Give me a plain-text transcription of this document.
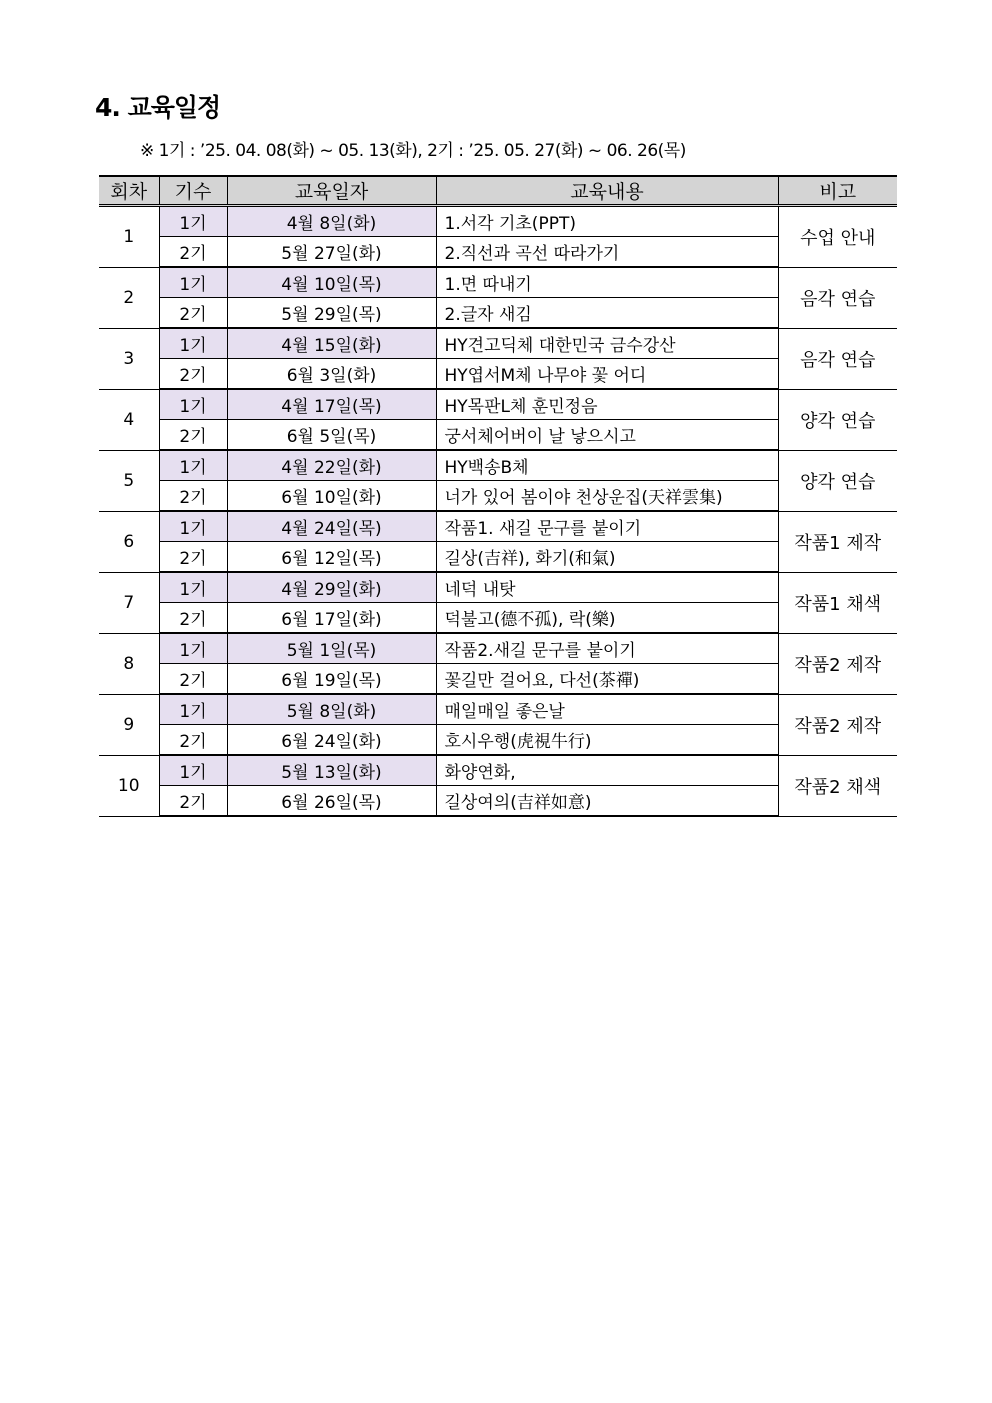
4. 교육일정
※ 1기 : ’25. 04. 08(화) ~ 05. 13(화), 2기 : ’25. 05. 27(화) ~ 06. 26(목)
회차	기수	교육일자	교육내용	비고
1	1기	4월 8일(화)	1.서각 기초(PPT)	수업 안내
	2기	5월 27일(화)	2.직선과 곡선 따라가기	
2	1기	4월 10일(목)	1.면 따내기	음각 연습
	2기	5월 29일(목)	2.글자 새김	
3	1기	4월 15일(화)	HY견고딕체 대한민국 금수강산	음각 연습
	2기	6월 3일(화)	HY엽서M체 나무야 꽃 어디	
4	1기	4월 17일(목)	HY목판L체 훈민정음	양각 연습
	2기	6월 5일(목)	궁서체어버이 날 낳으시고	
5	1기	4월 22일(화)	HY백송B체	양각 연습
	2기	6월 10일(화)	너가 있어 봄이야 천상운집(天祥雲集)	
6	1기	4월 24일(목)	작품1. 새길 문구를 붙이기	작품1 제작
	2기	6월 12일(목)	길상(吉祥), 화기(和氣)	
7	1기	4월 29일(화)	네덕 내탓	작품1 채색
	2기	6월 17일(화)	덕불고(德不孤), 락(樂)	
8	1기	5월 1일(목)	작품2.새길 문구를 붙이기	작품2 제작
	2기	6월 19일(목)	꽃길만 걸어요, 다선(茶禪)	
9	1기	5월 8일(화)	매일매일 좋은날	작품2 제작
	2기	6월 24일(화)	호시우행(虎視牛行)	
10	1기	5월 13일(화)	화양연화,	작품2 채색
	2기	6월 26일(목)	길상여의(吉祥如意)	
